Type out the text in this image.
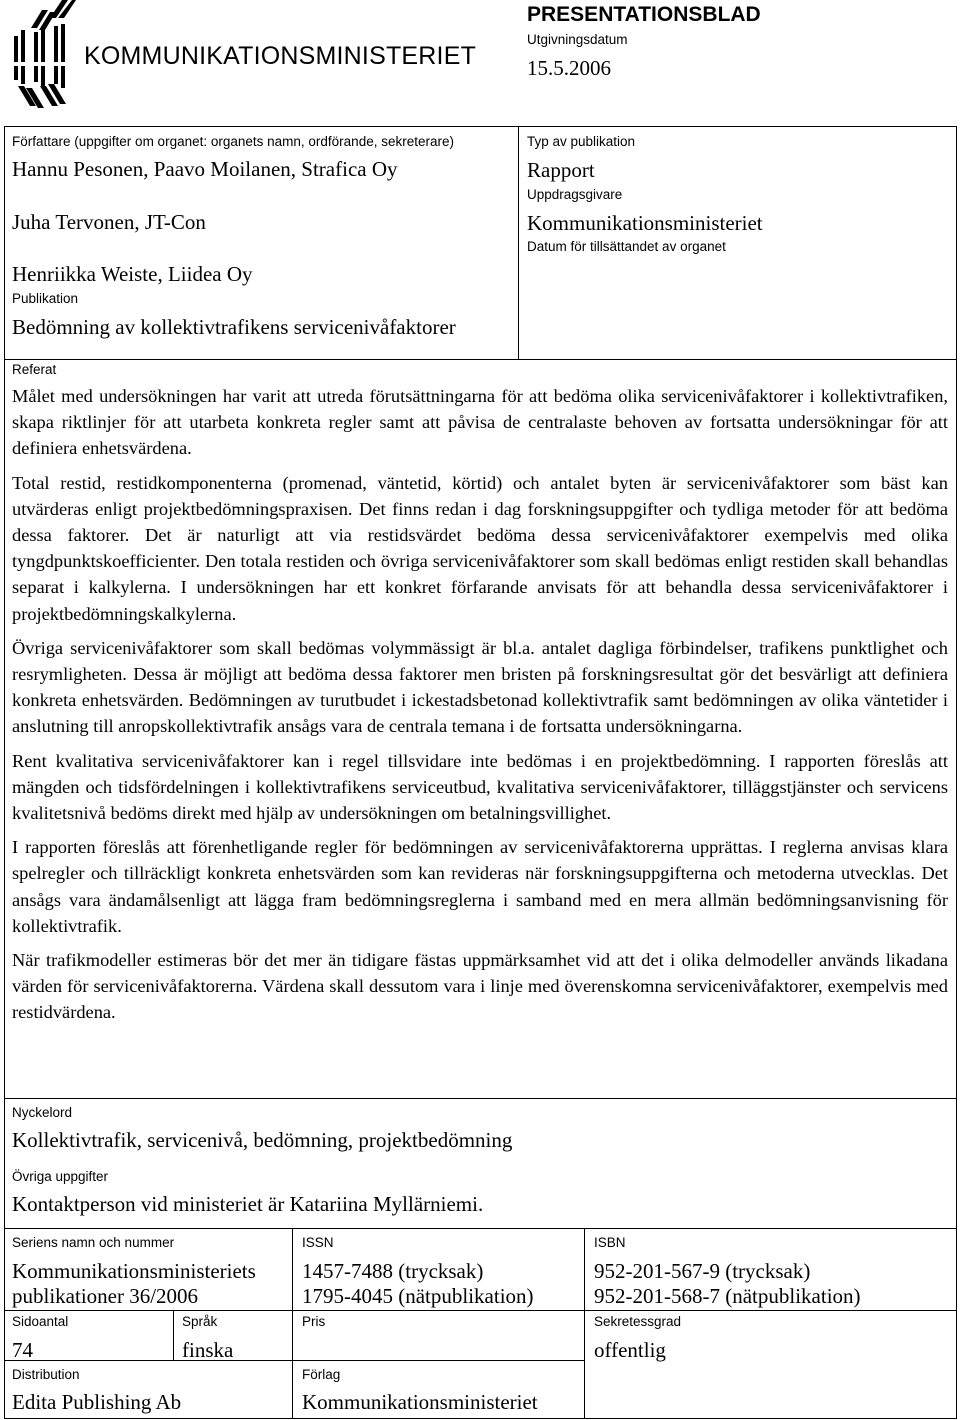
KOMMUNIKATIONSMINISTERIET
PRESENTATIONSBLAD
Utgivningsdatum
15.5.2006
Författare (uppgifter om organet: organets namn, ordförande, sekreterare)
Hannu Pesonen, Paavo Moilanen, Strafica Oy
Juha Tervonen, JT-Con
Henriikka Weiste, Liidea Oy
Publikation
Bedömning av kollektivtrafikens servicenivåfaktorer
Typ av publikation
Rapport
Uppdragsgivare
Kommunikationsministeriet
Datum för tillsättandet av organet
Referat

Målet med undersökningen har varit att utreda förutsättningarna för att bedöma olika servicenivåfaktorer i kollektivtrafiken, skapa riktlinjer för att utarbeta konkreta regler samt att påvisa de centralaste behoven av fortsatta undersökningar för att definiera enhetsvärdena.

Total restid, restidkomponenterna (promenad, väntetid, körtid) och antalet byten är servicenivåfaktorer som bäst kan utvärderas enligt projektbedömningspraxisen. Det finns redan i dag forskningsuppgifter och tydliga metoder för att bedöma dessa faktorer. Det är naturligt att via restidsvärdet bedöma dessa servicenivåfaktorer exempelvis med olika tyngdpunktskoefficienter. Den totala restiden och övriga servicenivåfaktorer som skall bedömas enligt restiden skall behandlas separat i kalkylerna. I undersökningen har ett konkret förfarande anvisats för att behandla dessa servicenivåfaktorer i projektbedömningskalkylerna.

Övriga servicenivåfaktorer som skall bedömas volymmässigt är bl.a. antalet dagliga förbindelser, trafikens punktlighet och resrymligheten. Dessa är möjligt att bedöma dessa faktorer men bristen på forskningsresultat gör det besvärligt att definiera konkreta enhetsvärden. Bedömningen av turutbudet i ickestadsbetonad kollektivtrafik samt bedömningen av olika väntetider i anslutning till anropskollektivtrafik ansågs vara de centrala temana i de fortsatta undersökningarna.

Rent kvalitativa servicenivåfaktorer kan i regel tillsvidare inte bedömas i en projektbedömning. I rapporten föreslås att mängden och tidsfördelningen i kollektivtrafikens serviceutbud, kvalitativa servicenivåfaktorer, tilläggstjänster och servicens kvalitetsnivå bedöms direkt med hjälp av undersökningen om betalningsvillighet.

I rapporten föreslås att förenhetligande regler för bedömningen av servicenivåfaktorerna upprättas. I reglerna anvisas klara spelregler och tillräckligt konkreta enhetsvärden som kan revideras när forskningsuppgifterna och metoderna utvecklas. Det ansågs vara ändamålsenligt att lägga fram bedömningsreglerna i samband med en mera allmän bedömningsanvisning för kollektivtrafik.

När trafikmodeller estimeras bör det mer än tidigare fästas uppmärksamhet vid att det i olika delmodeller används likadana värden för servicenivåfaktorerna. Värdena skall dessutom vara i linje med överenskomna servicenivåfaktorer, exempelvis med restidvärdena.

Nyckelord
Kollektivtrafik, servicenivå, bedömning, projektbedömning
Övriga uppgifter
Kontaktperson vid ministeriet är Katariina Myllärniemi.
Seriens namn och nummer
Kommunikationsministeriets
publikationer 36/2006
ISSN
1457-7488 (trycksak)
1795-4045 (nätpublikation)
ISBN
952-201-567-9 (trycksak)
952-201-568-7 (nätpublikation)
Sidoantal
74
Språk
finska
Pris	Sekretessgrad
offentlig
Distribution
Edita Publishing Ab
Förlag
Kommunikationsministeriet
